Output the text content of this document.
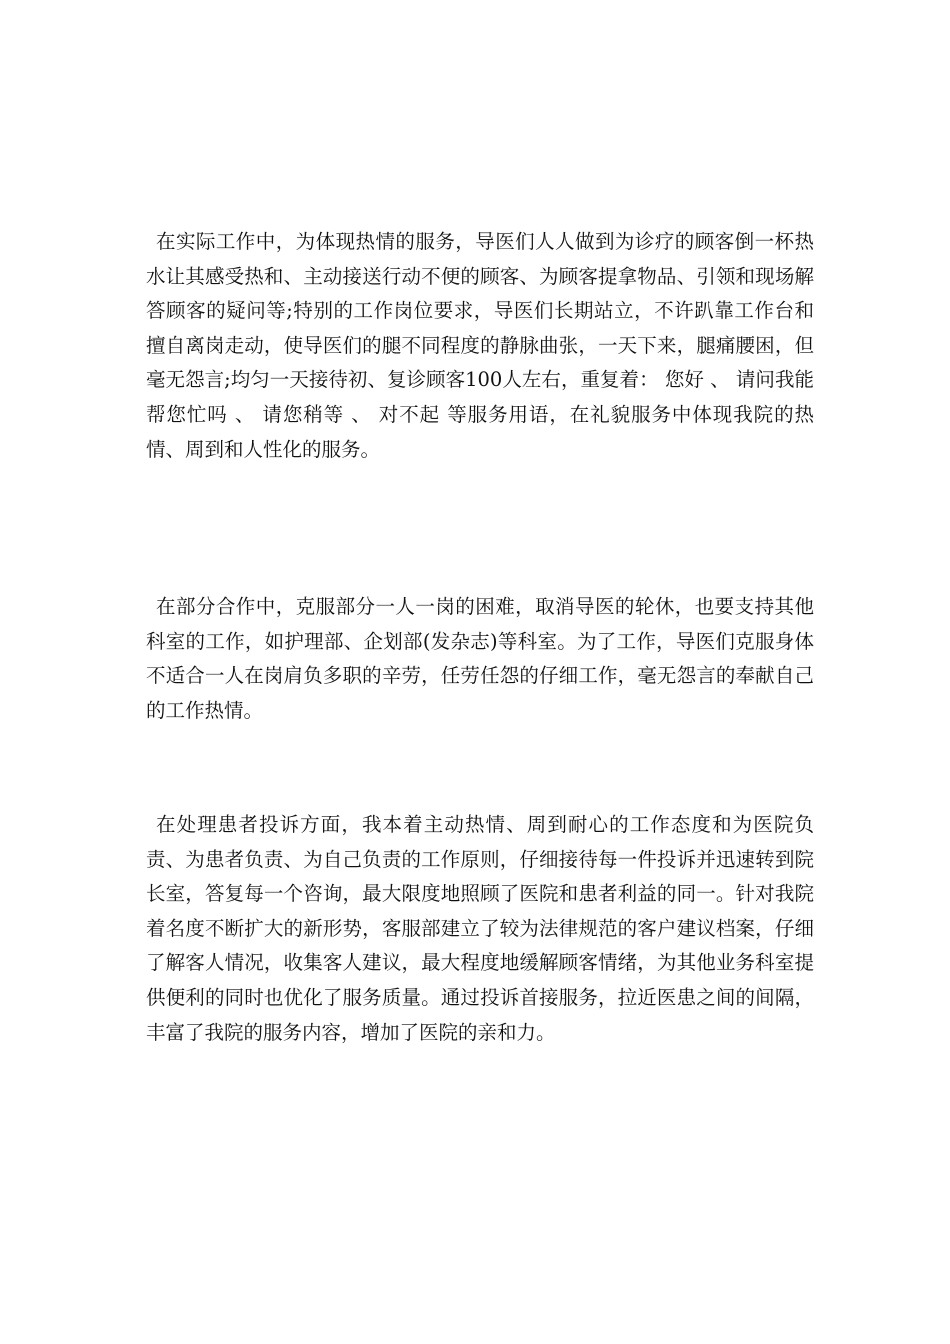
在实际工作中，为体现热情的服务，导医们人人做到为诊疗的顾客倒一杯热水让其感受热和、主动接送行动不便的顾客、为顾客提拿物品、引领和现场解答顾客的疑问等;特别的工作岗位要求，导医们长期站立，不许趴靠工作台和擅自离岗走动，使导医们的腿不同程度的静脉曲张，一天下来，腿痛腰困，但毫无怨言;均匀一天接待初、复诊顾客100人左右，重复着： 您好 、 请问我能帮您忙吗 、 请您稍等 、 对不起 等服务用语，在礼貌服务中体现我院的热情、周到和人性化的服务。

在部分合作中，克服部分一人一岗的困难，取消导医的轮休，也要支持其他科室的工作，如护理部、企划部(发杂志)等科室。为了工作，导医们克服身体不适合一人在岗肩负多职的辛劳，任劳任怨的仔细工作，毫无怨言的奉献自己的工作热情。

在处理患者投诉方面，我本着主动热情、周到耐心的工作态度和为医院负责、为患者负责、为自己负责的工作原则，仔细接待每一件投诉并迅速转到院长室，答复每一个咨询，最大限度地照顾了医院和患者利益的同一。针对我院着名度不断扩大的新形势，客服部建立了较为法律规范的客户建议档案，仔细了解客人情况，收集客人建议，最大程度地缓解顾客情绪，为其他业务科室提供便利的同时也优化了服务质量。通过投诉首接服务，拉近医患之间的间隔，丰富了我院的服务内容，增加了医院的亲和力。
